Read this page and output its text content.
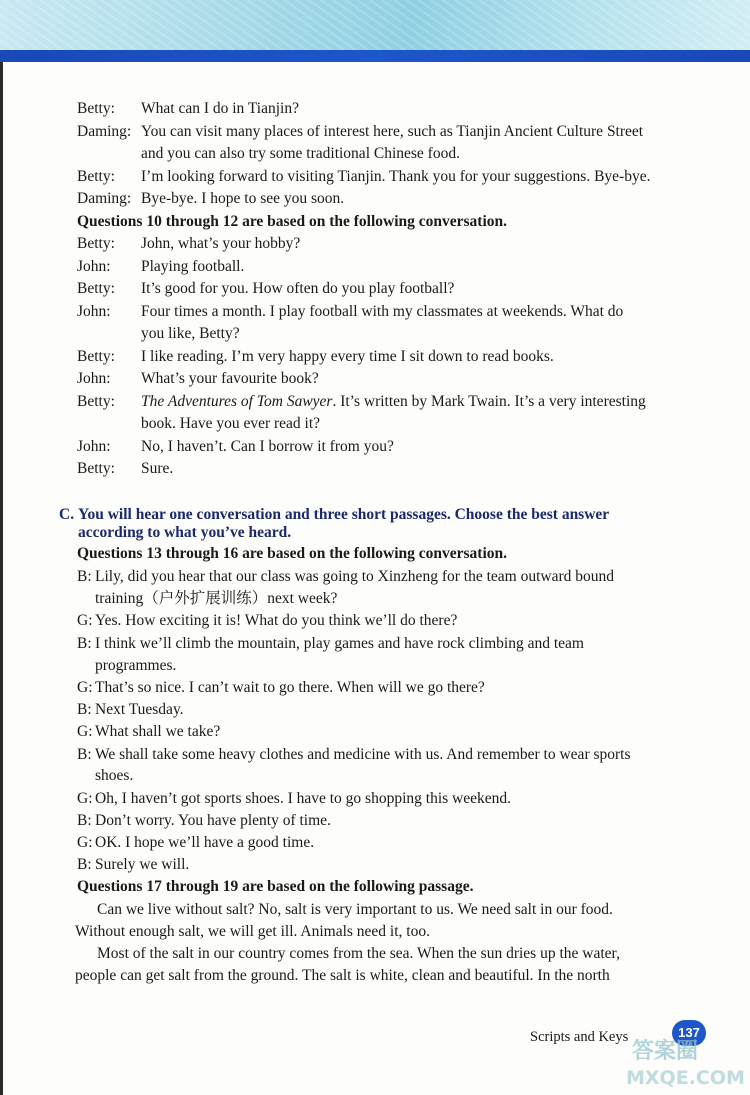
Betty: What can I do in Tianjin?
Daming: You can visit many places of interest here, such as Tianjin Ancient Culture Street
and you can also try some traditional Chinese food.
Betty: I’m looking forward to visiting Tianjin. Thank you for your suggestions. Bye-bye.
Daming: Bye-bye. I hope to see you soon.
Questions 10 through 12 are based on the following conversation.
Betty: John, what’s your hobby?
John: Playing football.
Betty: It’s good for you. How often do you play football?
John: Four times a month. I play football with my classmates at weekends. What do
you like, Betty?
Betty: I like reading. I’m very happy every time I sit down to read books.
John: What’s your favourite book?
Betty: The Adventures of Tom Sawyer. It’s written by Mark Twain. It’s a very interesting
book. Have you ever read it?
John: No, I haven’t. Can I borrow it from you?
Betty: Sure.
C. You will hear one conversation and three short passages. Choose the best answer
according to what you’ve heard.
Questions 13 through 16 are based on the following conversation.
B: Lily, did you hear that our class was going to Xinzheng for the team outward bound
training（户外扩展训练）next week?
G: Yes. How exciting it is! What do you think we’ll do there?
B: I think we’ll climb the mountain, play games and have rock climbing and team
programmes.
G: That’s so nice. I can’t wait to go there. When will we go there?
B: Next Tuesday.
G: What shall we take?
B: We shall take some heavy clothes and medicine with us. And remember to wear sports
shoes.
G: Oh, I haven’t got sports shoes. I have to go shopping this weekend.
B: Don’t worry. You have plenty of time.
G: OK. I hope we’ll have a good time.
B: Surely we will.
Questions 17 through 19 are based on the following passage.
Can we live without salt? No, salt is very important to us. We need salt in our food.
Without enough salt, we will get ill. Animals need it, too.
Most of the salt in our country comes from the sea. When the sun dries up the water,
people can get salt from the ground. The salt is white, clean and beautiful. In the north
Scripts and Keys	137
答案圈
MXQE.COM
